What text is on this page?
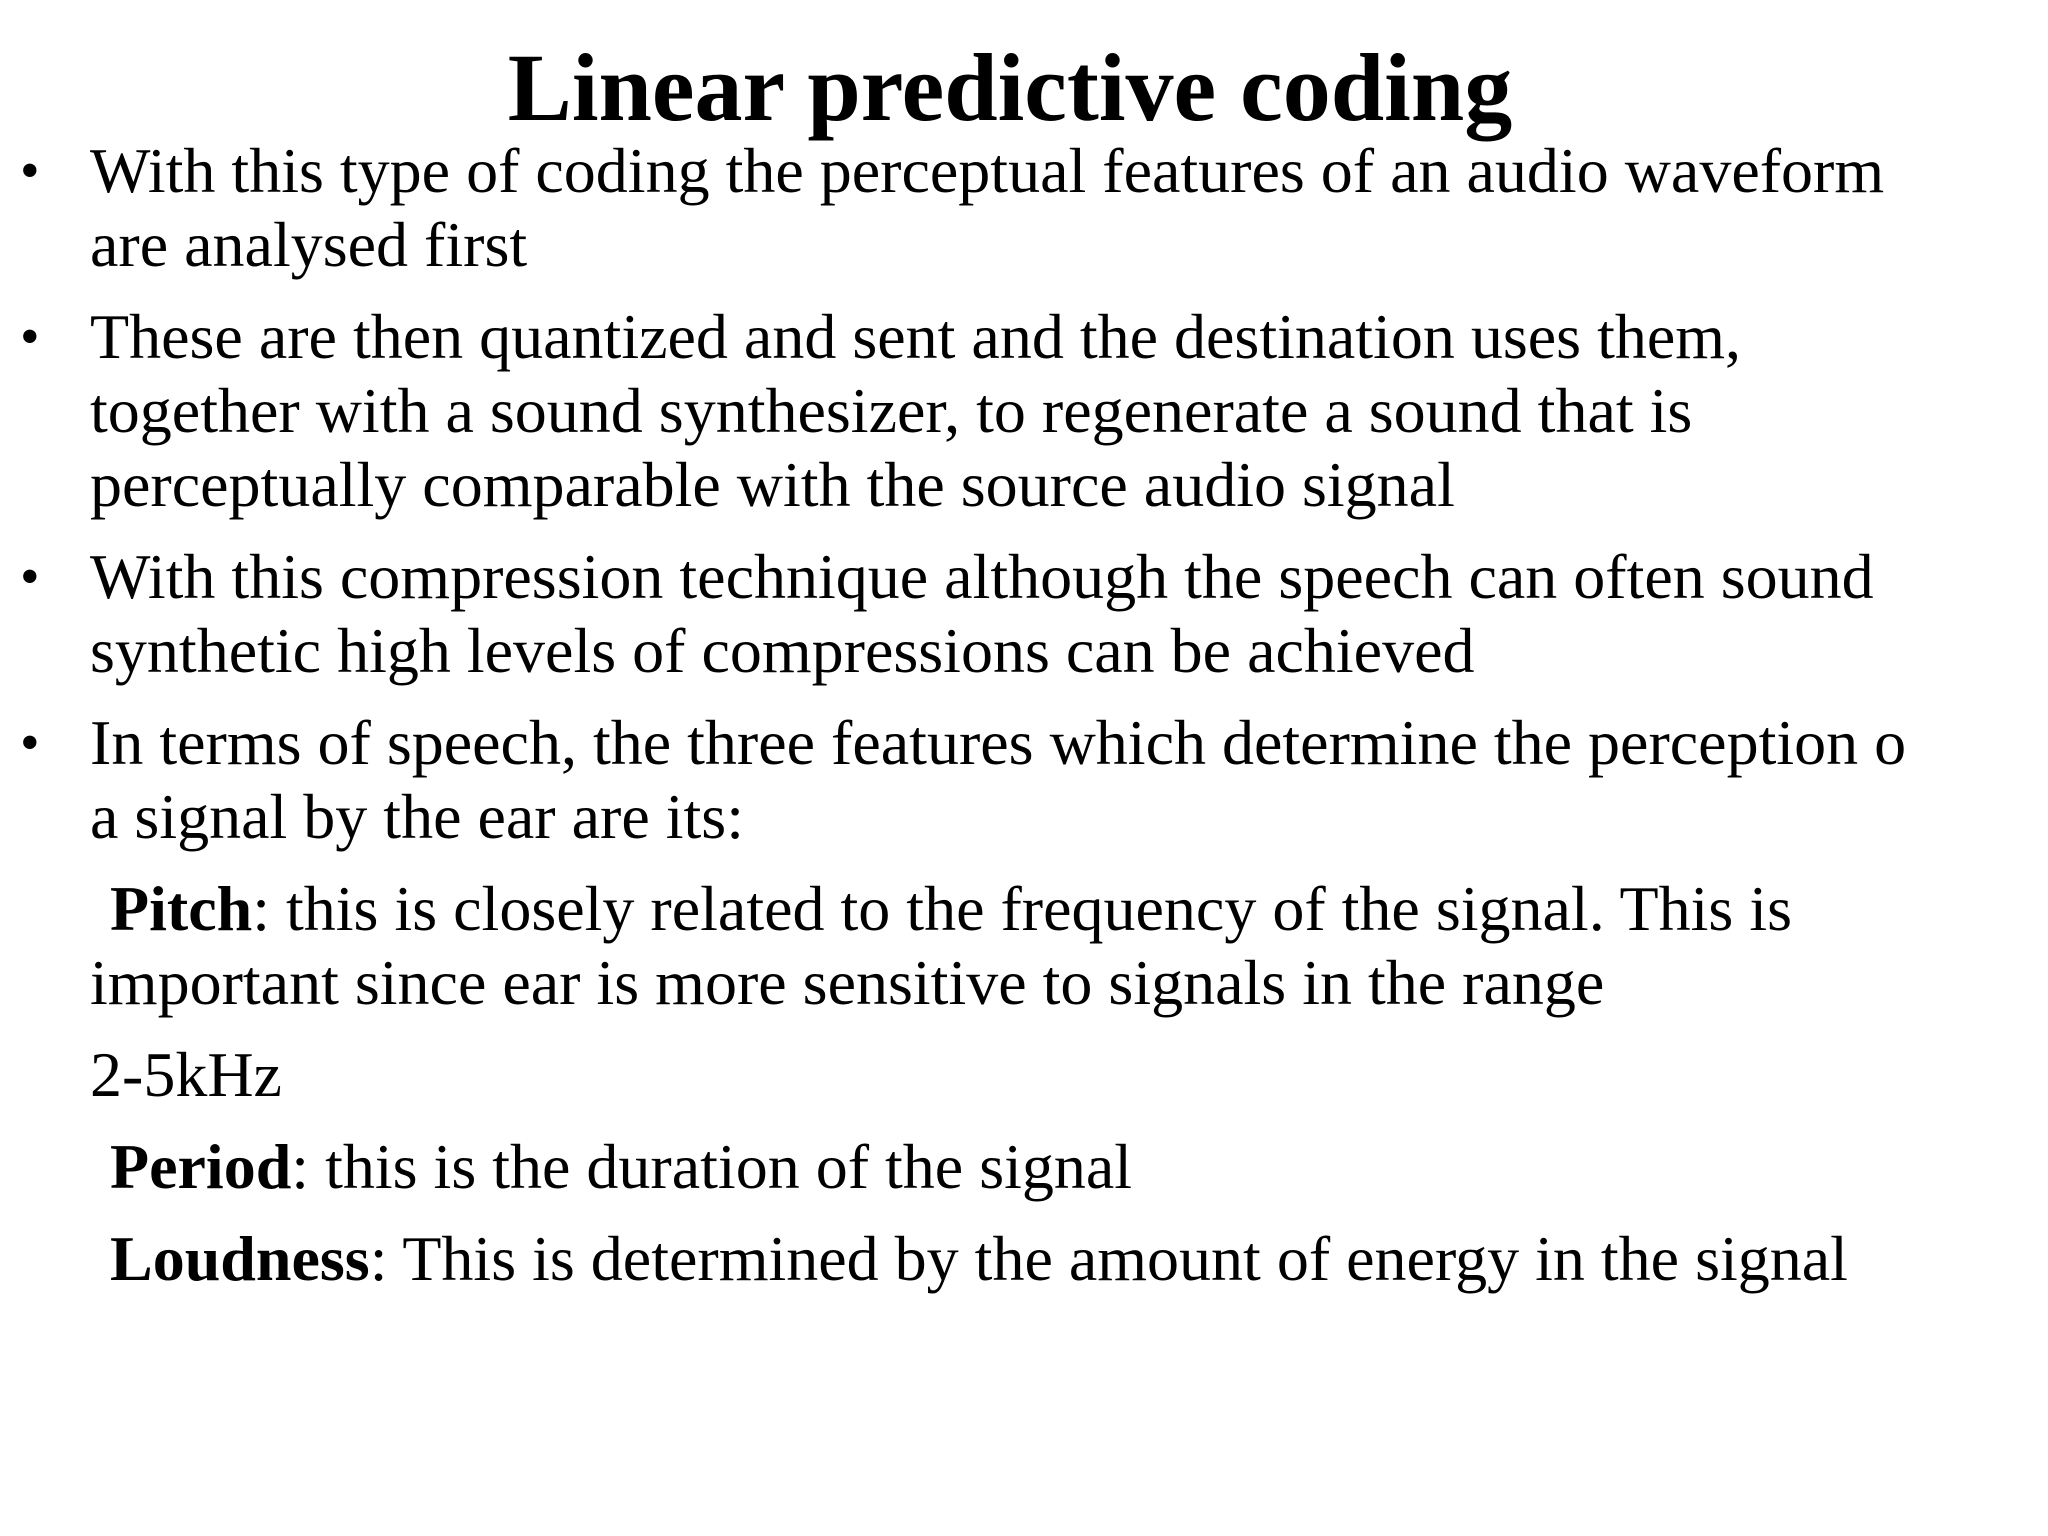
Linear predictive coding
• With this type of coding the perceptual features of an audio waveform
are analysed first
• These are then quantized and sent and the destination uses them,
together with a sound synthesizer, to regenerate a sound that is
perceptually comparable with the source audio signal
• With this compression technique although the speech can often sound
synthetic high levels of compressions can be achieved
• In terms of speech, the three features which determine the perception o
a signal by the ear are its:
Pitch: this is closely related to the frequency of the signal. This is
important since ear is more sensitive to signals in the range
2-5kHz
Period: this is the duration of the signal
Loudness: This is determined by the amount of energy in the signal
